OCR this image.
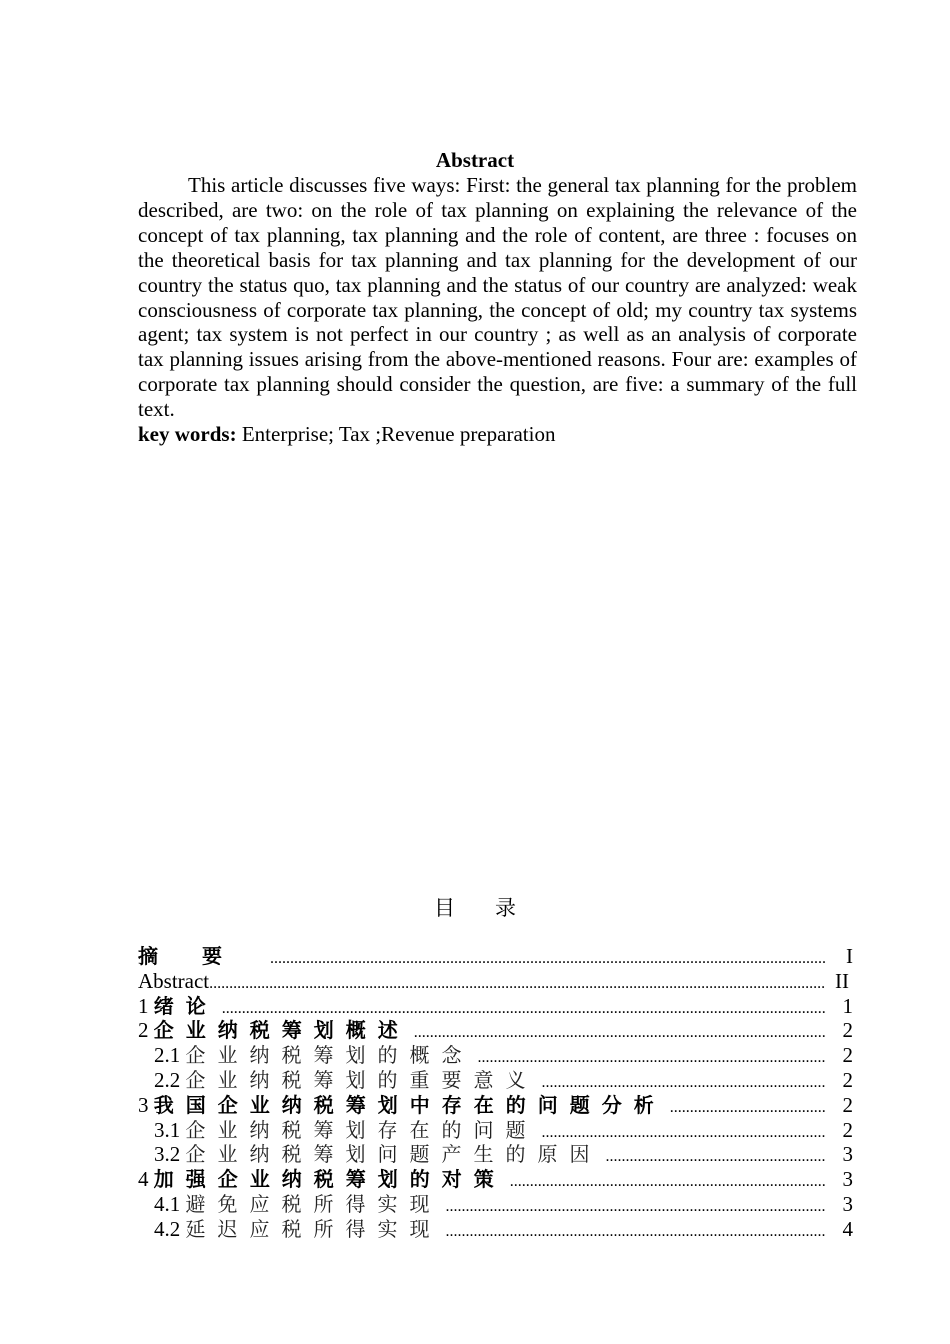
Abstract

This article discusses five ways: First: the general tax planning for the problem described, are two: on the role of tax planning on explaining the relevance of the concept of tax planning, tax planning and the role of content, are three : focuses on the theoretical basis for tax planning and tax planning for the development of our country the status quo, tax planning and the status of our country are analyzed: weak consciousness of corporate tax planning, the concept of old; my country tax systems agent; tax system is not perfect in our country ; as well as an analysis of corporate tax planning issues arising from the above-mentioned reasons. Four are: examples of corporate tax planning should consider the question, are five: a summary of the full text.

key words: Enterprise; Tax ;Revenue preparation

目录
摘要 .....	I
Abstract .....	II
1 绪论 .....	1
2 企业纳税筹划概述 .....	2
2.1 企业纳税筹划的概念 .....	2
2.2 企业纳税筹划的重要意义 .....	2
3 我国企业纳税筹划中存在的问题分析 .....	2
3.1 企业纳税筹划存在的问题 .....	2
3.2 企业纳税筹划问题产生的原因 .....	3
4 加强企业纳税筹划的对策 .....	3
4.1 避免应税所得实现 .....	3
4.2 延迟应税所得实现 .....	4
